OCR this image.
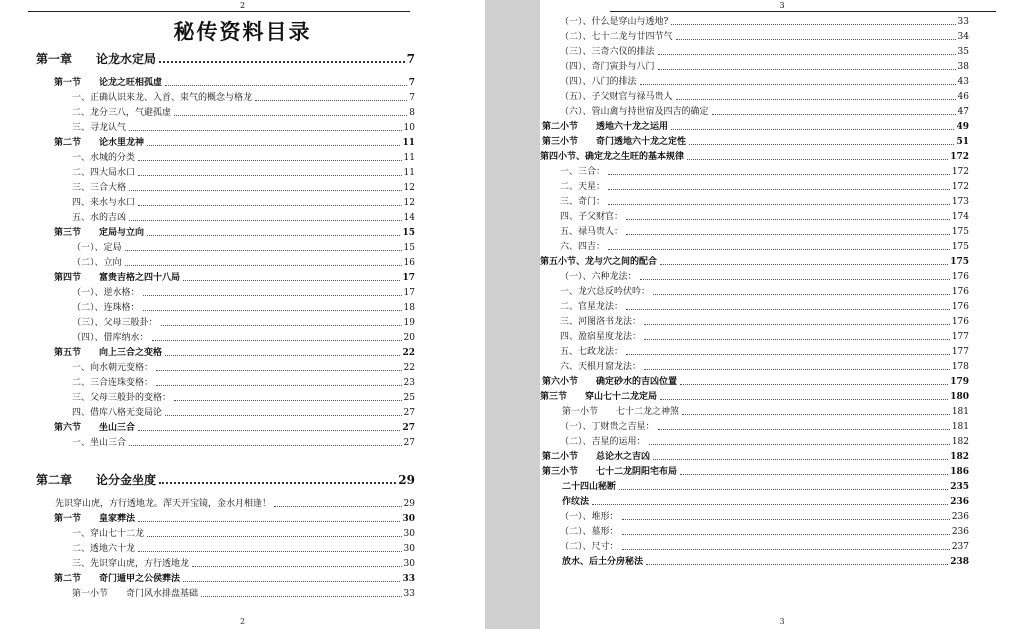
2
秘传资料目录
第一章　　论龙水定局	7
第一节　　论龙之旺相孤虚	7
一、正确认识来龙、入首、束气的概念与格龙	7
二、龙分三八，气避孤虚	8
三、寻龙认气	10
第二节　　论水里龙神	11
一、水城的分类	11
二、四大局水口	11
三、三合大格	12
四、来水与水口	12
五、水的吉凶	14
第三节　　定局与立向	15
（一）、定局	15
（二）、立向	16
第四节　　富贵吉格之四十八局	17
（一）、逆水格：	17
（二）、连珠格：	18
（三）、父母三般卦：	19
（四）、借库纳水：	20
第五节　　向上三合之变格	22
一、向水朝元变格：	22
二、三合连珠变格：	23
三、父母三般卦的变格：	25
四、借库八格无变局论	27
第六节　　坐山三合	27
一、坐山三合	27
第二章　　论分金坐度	29
先识穿山虎，方行透地龙。浑天开宝镜，金水月相逢！	29
第一节　　皇家葬法	30
一、穿山七十二龙	30
二、透地六十龙	30
三、先识穿山虎，方行透地龙	30
第二节　　奇门遁甲之公侯葬法	33
第一小节　　奇门风水排盘基础	33
2
3
（一）、什么是穿山与透地?	33
（二）、七十二龙与廿四节气	34
（三）、三奇六仪的排法	35
（四）、奇门寅卦与八门	38
（四）、八门的排法	43
（五）、子父财官与禄马贵人	46
（六）、管山禽与持世宿及四吉的确定	47
第二小节　　透地六十龙之运用	49
第三小节　　奇门透地六十龙之定性	51
第四小节、确定龙之生旺的基本规律	172
一、三合：	172
二、天星：	172
三、奇门：	173
四、子父财官：	174
五、禄马贵人：	175
六、四吉：	175
第五小节、龙与穴之间的配合	175
（一）、六种龙法：	176
一、龙穴总反吟伏吟：	176
二、官星龙法：	176
三、河图洛书龙法：	176
四、盈宿星度龙法：	177
五、七政龙法：	177
六、天根月窟龙法：	178
第六小节　　确定砂水的吉凶位置	179
第三节　　穿山七十二龙定局	180
第一小节　　七十二龙之神煞	181
（一）、丁财贵之吉星：	181
（二）、吉星的运用：	182
第二小节　　总论水之吉凶	182
第三小节　　七十二龙阴阳宅布局	186
二十四山秘断	235
作纹法	236
（一）、堆形：	236
（二）、墓形：	236
（二）、尺寸：	237
放水、后土分房秘法	238
3
